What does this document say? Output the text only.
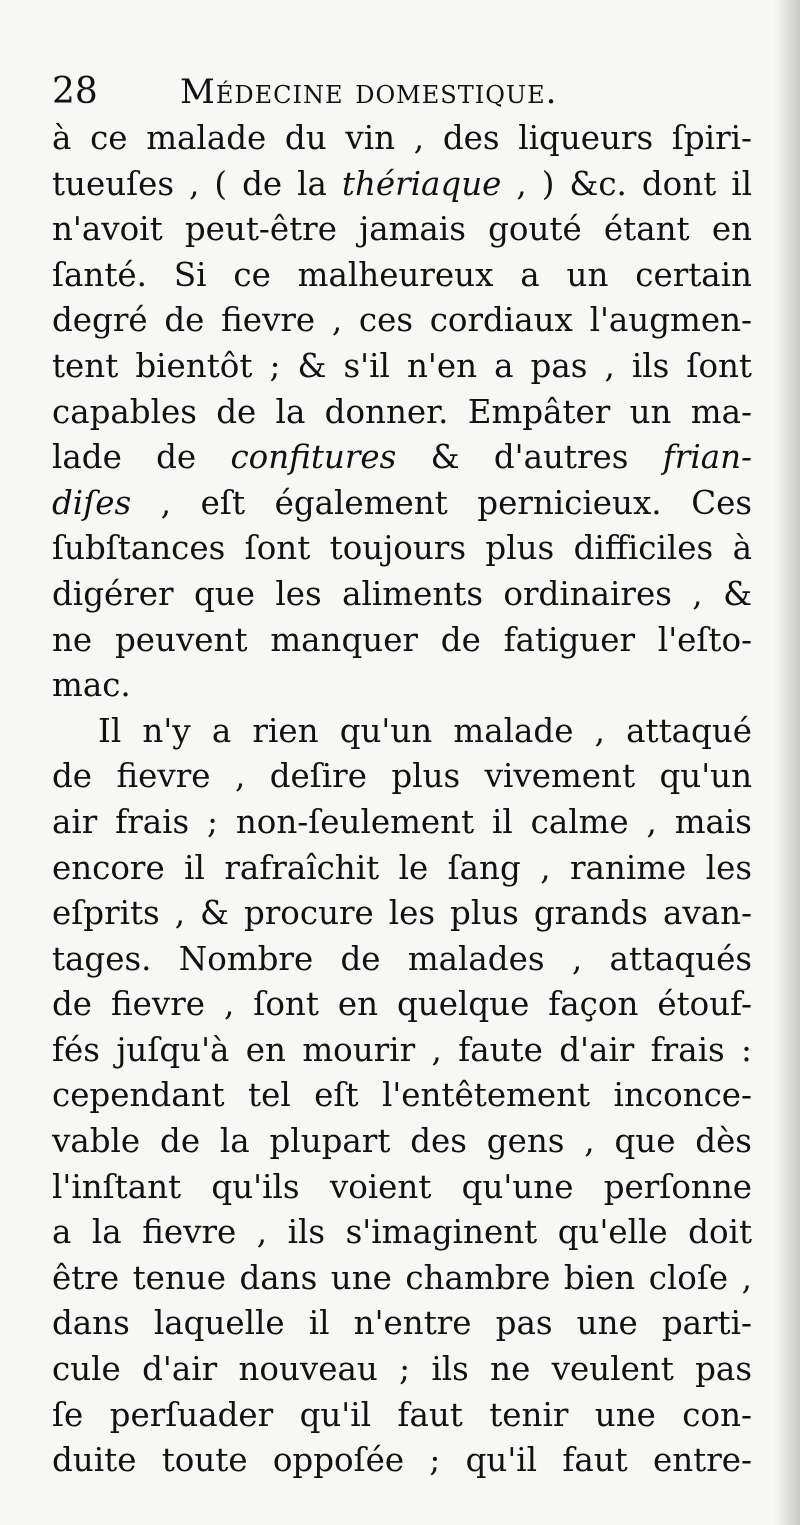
28 Médecine domestique.
à ce malade du vin , des liqueurs ſpiri-
tueuſes , ( de la thériaque , ) &c. dont il
n'avoit peut-être jamais gouté étant en
ſanté. Si ce malheureux a un certain
degré de fievre , ces cordiaux l'augmen-
tent bientôt ; & s'il n'en a pas , ils ſont
capables de la donner. Empâter un ma-
lade de confitures & d'autres frian-
diſes , eſt également pernicieux. Ces
ſubſtances ſont toujours plus difficiles à
digérer que les aliments ordinaires , &
ne peuvent manquer de fatiguer l'eſto-
mac.
Il n'y a rien qu'un malade , attaqué
de fievre , deſire plus vivement qu'un
air frais ; non-ſeulement il calme , mais
encore il rafraîchit le ſang , ranime les
eſprits , & procure les plus grands avan-
tages. Nombre de malades , attaqués
de fievre , ſont en quelque façon étouf-
fés juſqu'à en mourir , faute d'air frais :
cependant tel eſt l'entêtement inconce-
vable de la plupart des gens , que dès
l'inſtant qu'ils voient qu'une perſonne
a la fievre , ils s'imaginent qu'elle doit
être tenue dans une chambre bien cloſe ,
dans laquelle il n'entre pas une parti-
cule d'air nouveau ; ils ne veulent pas
ſe perſuader qu'il faut tenir une con-
duite toute oppoſée ; qu'il faut entre-
